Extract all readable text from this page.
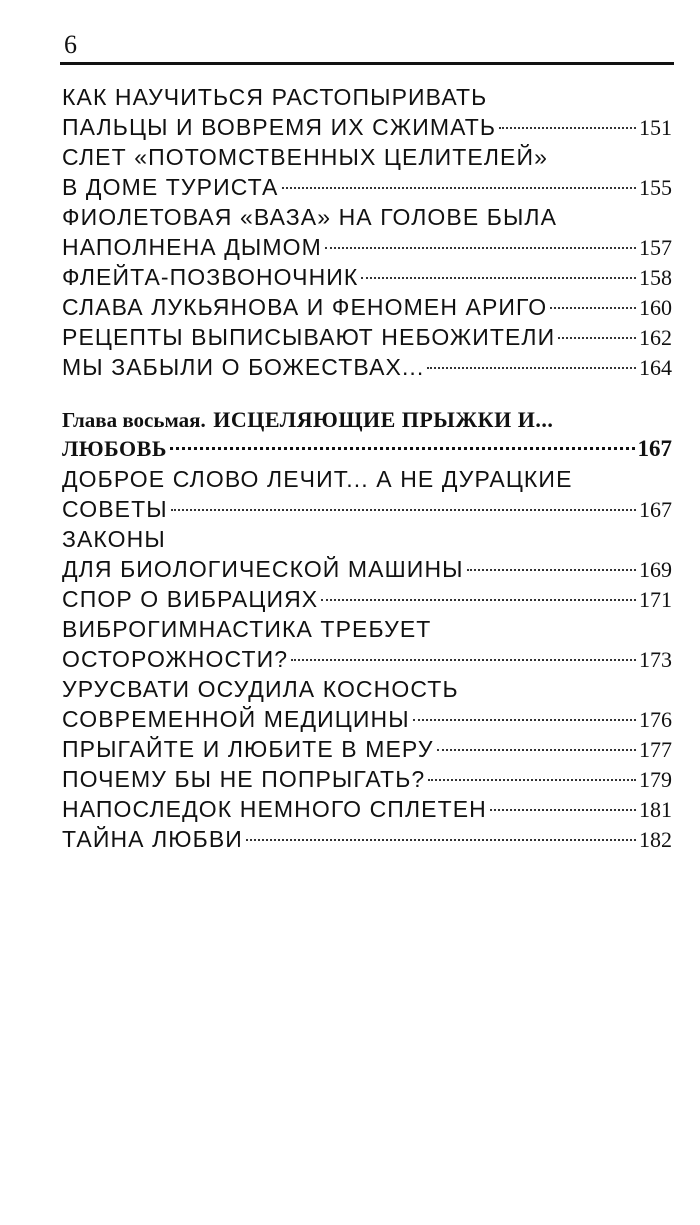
6
КАК НАУЧИТЬСЯ РАСТОПЫРИВАТЬ
ПАЛЬЦЫ И ВОВРЕМЯ ИХ СЖИМАТЬ	151
СЛЕТ «ПОТОМСТВЕННЫХ ЦЕЛИТЕЛЕЙ»
В ДОМЕ ТУРИСТА	155
ФИОЛЕТОВАЯ «ВАЗА» НА ГОЛОВЕ БЫЛА
НАПОЛНЕНА ДЫМОМ	157
ФЛЕЙТА-ПОЗВОНОЧНИК	158
СЛАВА ЛУКЬЯНОВА И ФЕНОМЕН АРИГО	160
РЕЦЕПТЫ ВЫПИСЫВАЮТ НЕБОЖИТЕЛИ	162
МЫ ЗАБЫЛИ О БОЖЕСТВАХ...	164
Глава восьмая. ИСЦЕЛЯЮЩИЕ ПРЫЖКИ И...
ЛЮБОВЬ	167
ДОБРОЕ СЛОВО ЛЕЧИТ... А НЕ ДУРАЦКИЕ
СОВЕТЫ	167
ЗАКОНЫ
ДЛЯ БИОЛОГИЧЕСКОЙ МАШИНЫ	169
СПОР О ВИБРАЦИЯХ	171
ВИБРОГИМНАСТИКА ТРЕБУЕТ
ОСТОРОЖНОСТИ?	173
УРУСВАТИ ОСУДИЛА КОСНОСТЬ
СОВРЕМЕННОЙ МЕДИЦИНЫ	176
ПРЫГАЙТЕ И ЛЮБИТЕ В МЕРУ	177
ПОЧЕМУ БЫ НЕ ПОПРЫГАТЬ?	179
НАПОСЛЕДОК НЕМНОГО СПЛЕТЕН	181
ТАЙНА ЛЮБВИ	182
